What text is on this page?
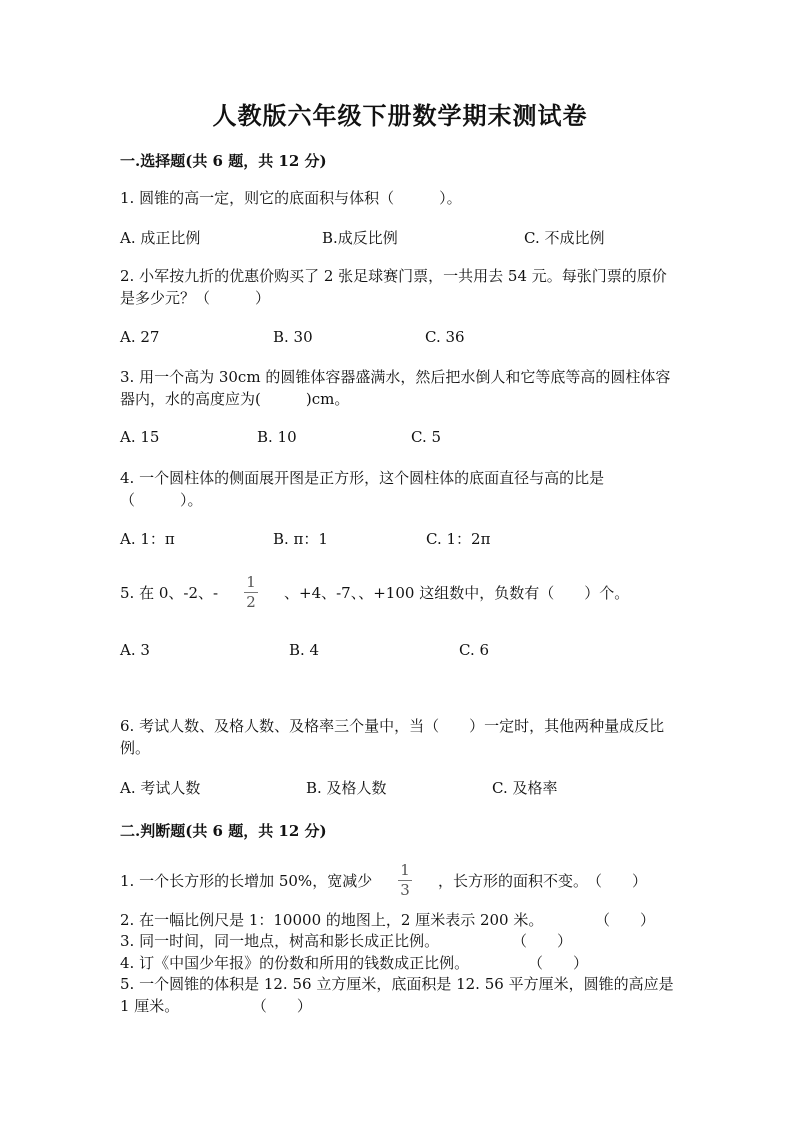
人教版六年级下册数学期末测试卷
一.选择题(共 6 题，共 12 分)
1. 圆锥的高一定，则它的底面积与体积（　　　）。
A. 成正比例	B.成反比例	C. 不成比例
2. 小军按九折的优惠价购买了 2 张足球赛门票，一共用去 54 元。每张门票的原价是多少元？（　　　）
A. 27	B. 30	C. 36
3. 用一个高为 30cm 的圆锥体容器盛满水，然后把水倒人和它等底等高的圆柱体容器内，水的高度应为(　　　)cm。
A. 15	B. 10	C. 5
4. 一个圆柱体的侧面展开图是正方形，这个圆柱体的底面直径与高的比是（　　　）。
A. 1：π	B. π：1	C. 1：2π
5. 在 0、-2、-
1
2 、+4、-7、、+100 这组数中，负数有（　　）个。
A. 3	B. 4	C. 6
6. 考试人数、及格人数、及格率三个量中，当（　　）一定时，其他两种量成反比例。
A. 考试人数	B. 及格人数	C. 及格率
二.判断题(共 6 题，共 12 分)
1. 一个长方形的长增加 50%，宽减少
1
3 ，长方形的面积不变。
（　　）
2. 在一幅比例尺是 1：10000 的地图上，2 厘米表示 200 米。	（　　）
3. 同一时间，同一地点，树高和影长成正比例。	（　　）
4. 订《中国少年报》的份数和所用的钱数成正比例。	（　　）
5. 一个圆锥的体积是 12. 56 立方厘米，底面积是 12. 56 平方厘米，圆锥的高应是 1 厘米。	（　　）
